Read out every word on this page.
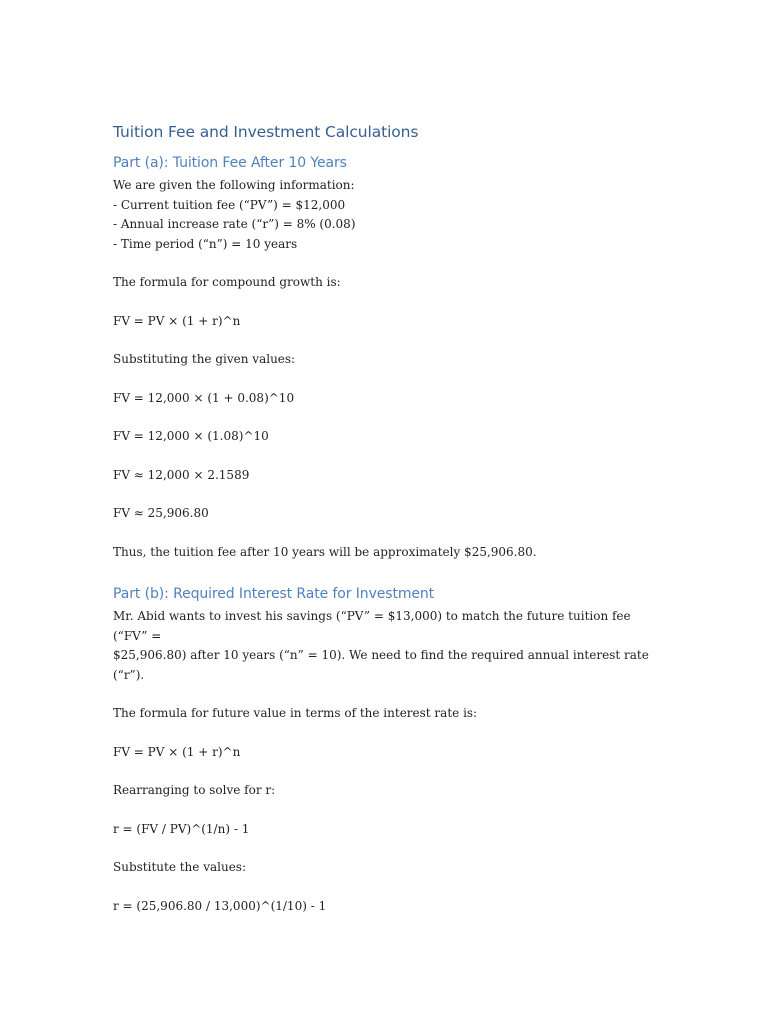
Tuition Fee and Investment Calculations
Part (a): Tuition Fee After 10 Years

We are given the following information:

- Current tuition fee (“PV”) = $12,000

- Annual increase rate (“r”) = 8% (0.08)

- Time period (“n”) = 10 years

The formula for compound growth is:

FV = PV × (1 + r)^n

Substituting the given values:

FV = 12,000 × (1 + 0.08)^10

FV = 12,000 × (1.08)^10

FV ≈ 12,000 × 2.1589

FV ≈ 25,906.80

Thus, the tuition fee after 10 years will be approximately $25,906.80.

Part (b): Required Interest Rate for Investment

Mr. Abid wants to invest his savings (“PV” = $13,000) to match the future tuition fee (“FV” =

$25,906.80) after 10 years (“n” = 10). We need to find the required annual interest rate

(“r”).

The formula for future value in terms of the interest rate is:

FV = PV × (1 + r)^n

Rearranging to solve for r:

r = (FV / PV)^(1/n) - 1

Substitute the values:

r = (25,906.80 / 13,000)^(1/10) - 1
